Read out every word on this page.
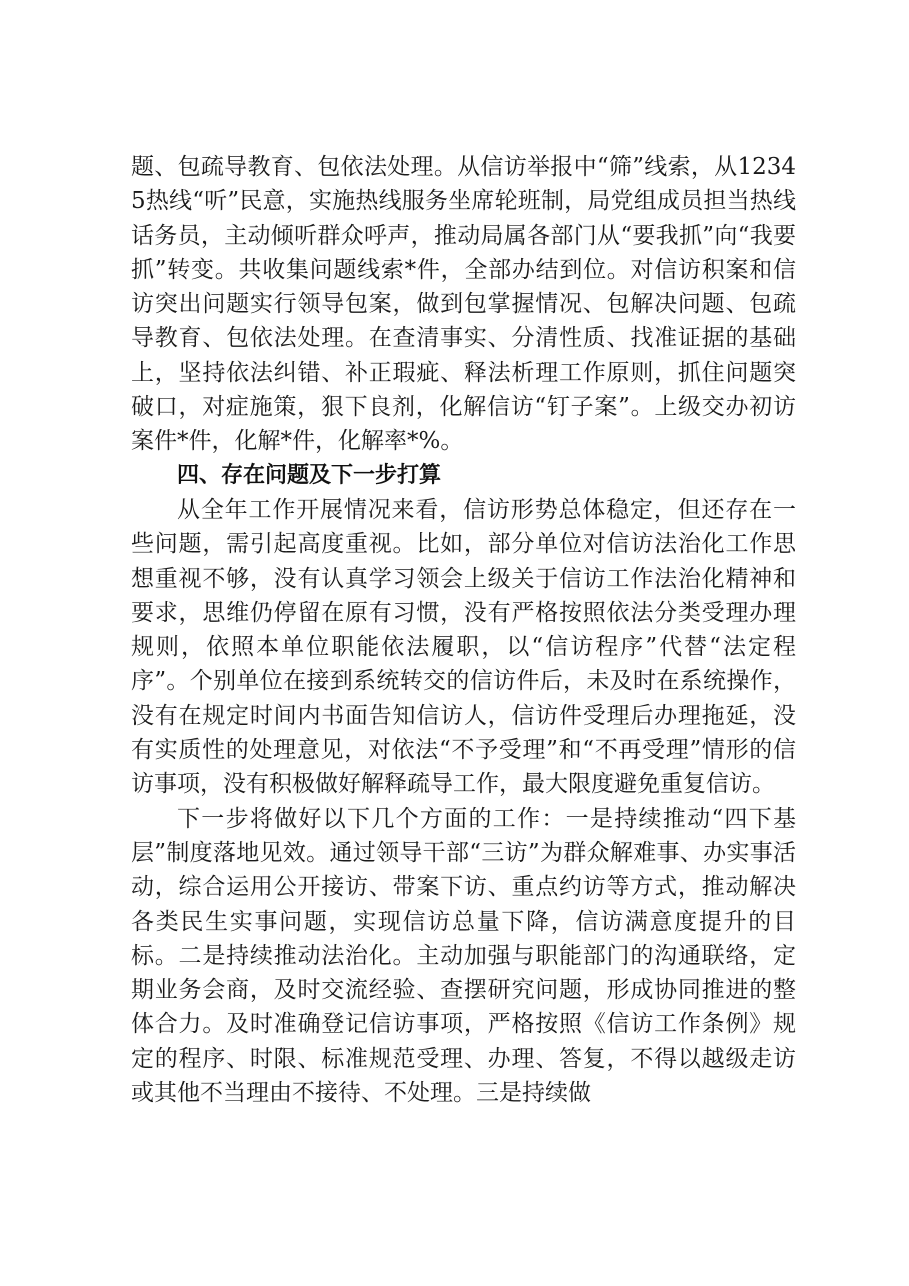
题、包疏导教育、包依法处理。从信访举报中“筛”线索，从12345热线“听”民意，实施热线服务坐席轮班制，局党组成员担当热线话务员，主动倾听群众呼声，推动局属各部门从“要我抓”向“我要抓”转变。共收集问题线索*件，全部办结到位。对信访积案和信访突出问题实行领导包案，做到包掌握情况、包解决问题、包疏导教育、包依法处理。在查清事实、分清性质、找准证据的基础上，坚持依法纠错、补正瑕疵、释法析理工作原则，抓住问题突破口，对症施策，狠下良剂，化解信访“钉子案”。上级交办初访案件*件，化解*件，化解率*%。

四、存在问题及下一步打算

从全年工作开展情况来看，信访形势总体稳定，但还存在一些问题，需引起高度重视。比如，部分单位对信访法治化工作思想重视不够，没有认真学习领会上级关于信访工作法治化精神和要求，思维仍停留在原有习惯，没有严格按照依法分类受理办理规则，依照本单位职能依法履职，以“信访程序”代替“法定程序”。个别单位在接到系统转交的信访件后，未及时在系统操作，没有在规定时间内书面告知信访人，信访件受理后办理拖延，没有实质性的处理意见，对依法“不予受理”和“不再受理”情形的信访事项，没有积极做好解释疏导工作，最大限度避免重复信访。

下一步将做好以下几个方面的工作：一是持续推动“四下基层”制度落地见效。通过领导干部“三访”为群众解难事、办实事活动，综合运用公开接访、带案下访、重点约访等方式，推动解决各类民生实事问题，实现信访总量下降，信访满意度提升的目标。二是持续推动法治化。主动加强与职能部门的沟通联络，定期业务会商，及时交流经验、查摆研究问题，形成协同推进的整体合力。及时准确登记信访事项，严格按照《信访工作条例》规定的程序、时限、标准规范受理、办理、答复，不得以越级走访或其他不当理由不接待、不处理。三是持续做
